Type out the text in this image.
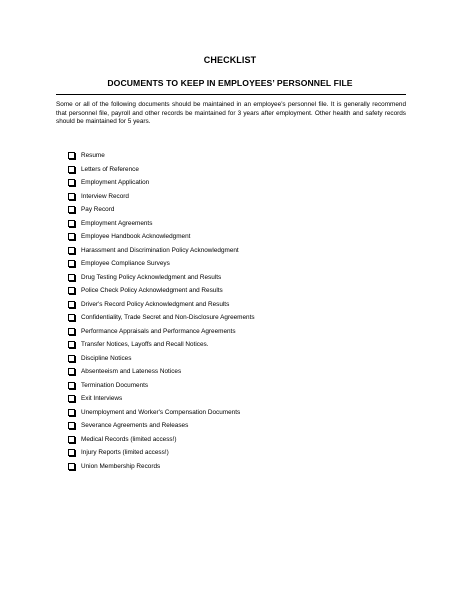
CHECKLIST
DOCUMENTS TO KEEP IN EMPLOYEES’ PERSONNEL FILE
Some or all of the following documents should be maintained in an employee’s personnel file. It is generally recommend that personnel file, payroll and other records be maintained for 3 years after employment. Other health and safety records should be maintained for 5 years.
Resume
Letters of Reference
Employment Application
Interview Record
Pay Record
Employment Agreements
Employee Handbook Acknowledgment
Harassment and Discrimination Policy Acknowledgment
Employee Compliance Surveys
Drug Testing Policy Acknowledgment and Results
Police Check Policy Acknowledgment and Results
Driver's Record Policy Acknowledgment and Results
Confidentiality, Trade Secret and Non-Disclosure Agreements
Performance Appraisals and Performance Agreements
Transfer Notices, Layoffs and Recall Notices.
Discipline Notices
Absenteeism and Lateness Notices
Termination Documents
Exit Interviews
Unemployment and Worker's Compensation Documents
Severance Agreements and Releases
Medical Records (limited access!)
Injury Reports (limited access!)
Union Membership Records
